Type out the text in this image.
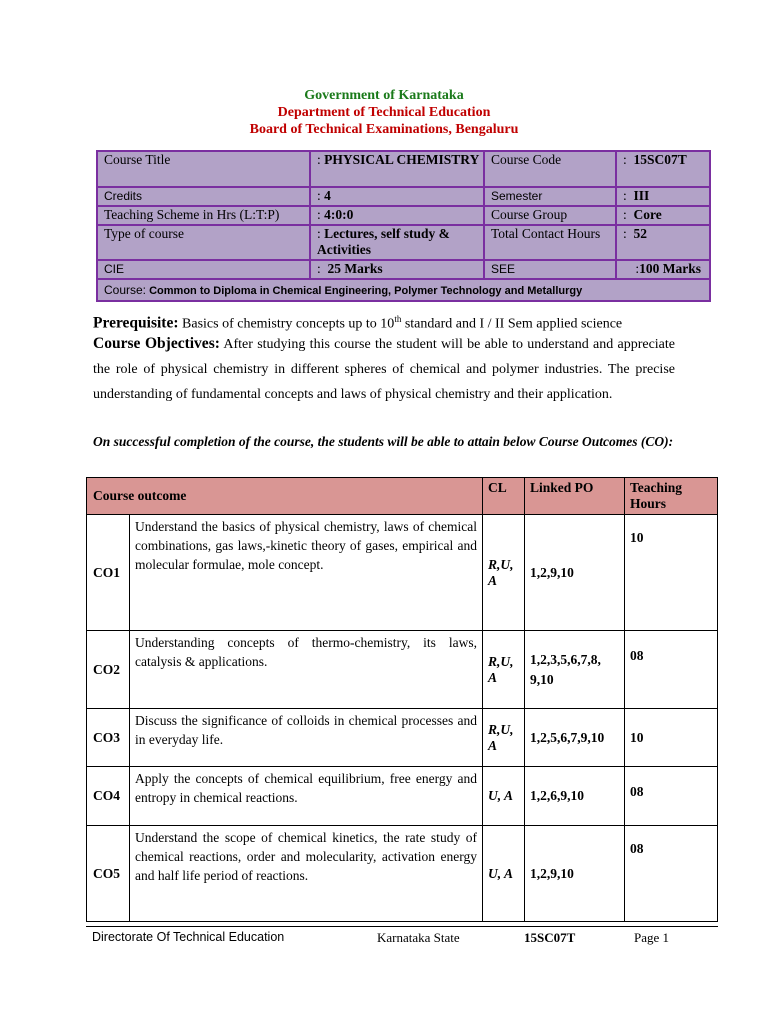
Government of Karnataka
Department of Technical Education
Board of Technical Examinations, Bengaluru
Course Title	: PHYSICAL CHEMISTRY	Course Code	:  15SC07T
Credits	: 4	Semester	:  III
Teaching Scheme in Hrs (L:T:P)	: 4:0:0	Course Group	:  Core
Type of course	: Lectures, self study & Activities	Total Contact Hours	:  52
CIE	:  25 Marks	SEE	:100 Marks
Course: Common to Diploma in Chemical Engineering, Polymer Technology and Metallurgy			
Prerequisite: Basics of chemistry concepts up to 10th standard and I / II Sem applied science
Course Objectives: After studying this course the student will be able to understand and appreciate the role of physical chemistry in different spheres of chemical and polymer industries. The precise understanding of fundamental concepts and laws of physical chemistry and their application.
On successful completion of the course, the students will be able to attain below Course Outcomes (CO):
Course outcome		CL	Linked PO	Teaching Hours
CO1	Understand the basics of physical chemistry, laws of chemical combinations, gas laws,-kinetic theory of gases, empirical and molecular formulae, mole concept.	R,U, A	1,2,9,10	10
CO2	Understanding concepts of thermo-chemistry, its laws, catalysis & applications.	R,U, A	1,2,3,5,6,7,8, 9,10	08
CO3	Discuss the significance of colloids in chemical processes and in everyday life.	R,U, A	1,2,5,6,7,9,10	10
CO4	Apply the concepts of chemical equilibrium, free energy and entropy in chemical reactions.	U, A	1,2,6,9,10	08
CO5	Understand the scope of chemical kinetics, the rate study of chemical reactions, order and molecularity, activation energy and half life period of reactions.	U, A	1,2,9,10	08
Directorate Of Technical Education	Karnataka State	15SC07T	Page 1
